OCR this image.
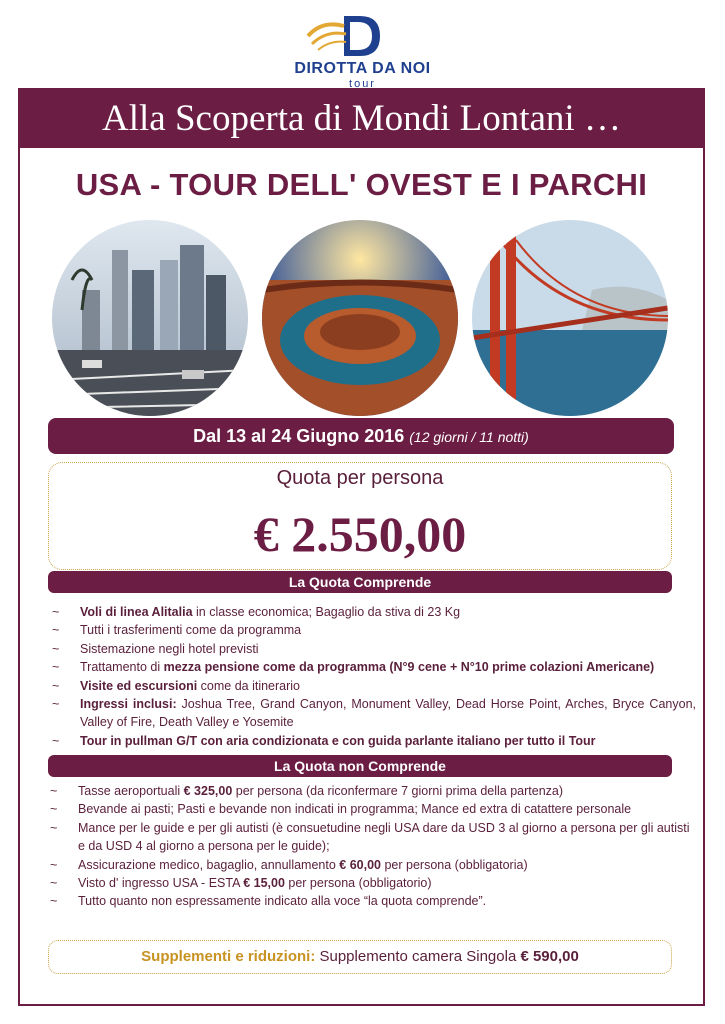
DIROTTA DA NOI
tour
Alla Scoperta di Mondi Lontani …
USA - TOUR DELL' OVEST E I PARCHI
Dal 13 al 24 Giugno 2016 (12 giorni / 11 notti)
Quota per persona
€ 2.550,00
La Quota Comprende
~	Voli di linea Alitalia in classe economica; Bagaglio da stiva di 23 Kg
~	Tutti i trasferimenti come da programma
~	Sistemazione negli hotel previsti
~	Trattamento di mezza pensione come da programma (N°9 cene + N°10 prime colazioni Americane)
~	Visite ed escursioni come da itinerario
~	Ingressi inclusi: Joshua Tree, Grand Canyon, Monument Valley, Dead Horse Point, Arches, Bryce Canyon, Valley of Fire, Death Valley e Yosemite
~	Tour in pullman G/T con aria condizionata e con guida parlante italiano per tutto il Tour
La Quota non Comprende
~	Tasse aeroportuali € 325,00 per persona (da riconfermare 7 giorni prima della partenza)
~	Bevande ai pasti; Pasti e bevande non indicati in programma; Mance ed extra di catattere personale
~	Mance per le guide e per gli autisti (è consuetudine negli USA dare da USD 3 al giorno a persona per gli autisti e da USD 4 al giorno a persona per le guide);
~	Assicurazione medico, bagaglio, annullamento € 60,00 per persona (obbligatoria)
~	Visto d' ingresso USA - ESTA € 15,00 per persona (obbligatorio)
~	Tutto quanto non espressamente indicato alla voce “la quota comprende”.
Supplementi e riduzioni: Supplemento camera Singola € 590,00
